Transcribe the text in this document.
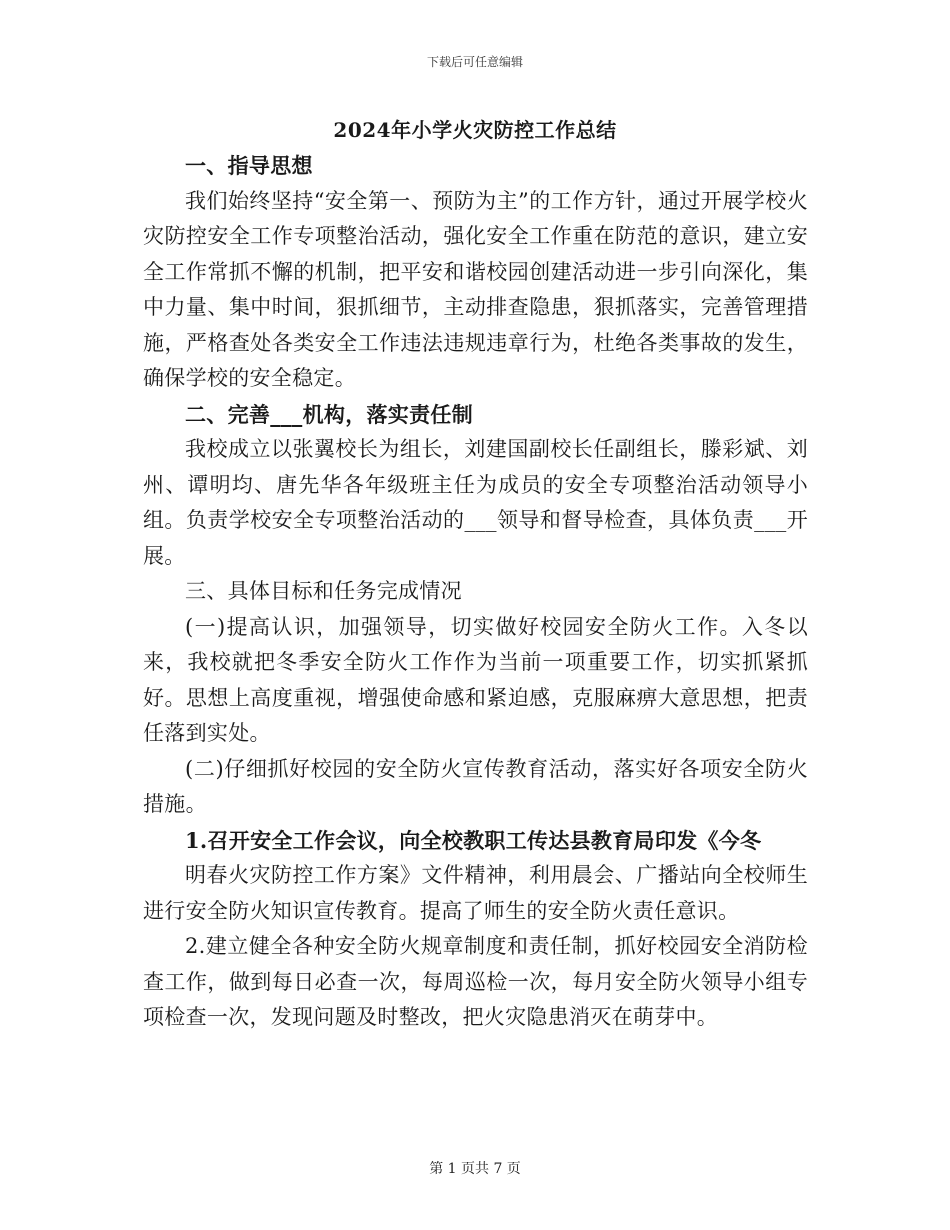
下载后可任意编辑
2024年小学火灾防控工作总结

一、指导思想

我们始终坚持“安全第一、预防为主”的工作方针，通过开展学校火灾防控安全工作专项整治活动，强化安全工作重在防范的意识，建立安全工作常抓不懈的机制，把平安和谐校园创建活动进一步引向深化，集中力量、集中时间，狠抓细节，主动排查隐患，狠抓落实，完善管理措施，严格查处各类安全工作违法违规违章行为，杜绝各类事故的发生，确保学校的安全稳定。

二、完善___机构，落实责任制

我校成立以张翼校长为组长，刘建国副校长任副组长，滕彩斌、刘州、谭明均、唐先华各年级班主任为成员的安全专项整治活动领导小组。负责学校安全专项整治活动的___领导和督导检查，具体负责___开展。

三、具体目标和任务完成情况

(一)提高认识，加强领导，切实做好校园安全防火工作。入冬以来，我校就把冬季安全防火工作作为当前一项重要工作，切实抓紧抓好。思想上高度重视，增强使命感和紧迫感，克服麻痹大意思想，把责任落到实处。

(二)仔细抓好校园的安全防火宣传教育活动，落实好各项安全防火措施。

1.召开安全工作会议，向全校教职工传达县教育局印发《今冬

明春火灾防控工作方案》文件精神，利用晨会、广播站向全校师生进行安全防火知识宣传教育。提高了师生的安全防火责任意识。

2.建立健全各种安全防火规章制度和责任制，抓好校园安全消防检查工作，做到每日必查一次，每周巡检一次，每月安全防火领导小组专项检查一次，发现问题及时整改，把火灾隐患消灭在萌芽中。

第 1 页共 7 页
